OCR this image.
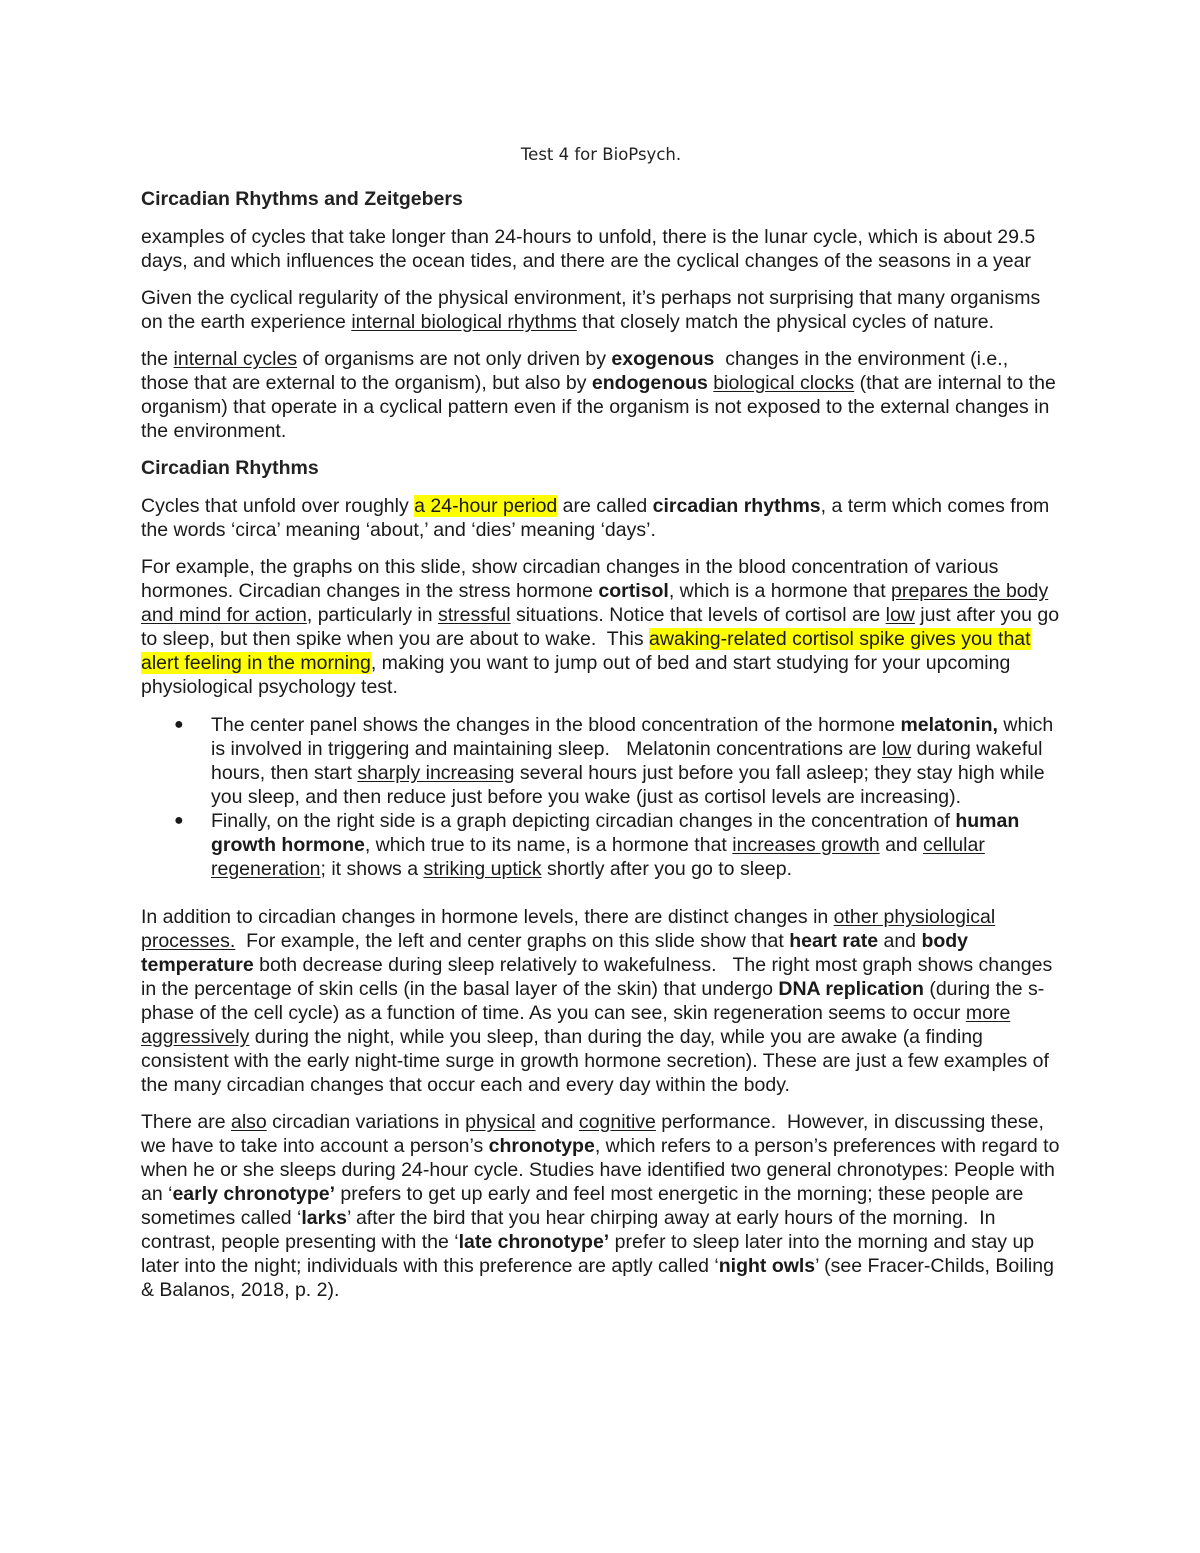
Test 4 for BioPsych.
Circadian Rhythms and Zeitgebers

examples of cycles that take longer than 24-hours to unfold, there is the lunar cycle, which is about 29.5 days, and which influences the ocean tides, and there are the cyclical changes of the seasons in a year

Given the cyclical regularity of the physical environment, it’s perhaps not surprising that many organisms on the earth experience internal biological rhythms that closely match the physical cycles of nature.

the internal cycles of organisms are not only driven by exogenous  changes in the environment (i.e., those that are external to the organism), but also by endogenous biological clocks (that are internal to the organism) that operate in a cyclical pattern even if the organism is not exposed to the external changes in the environment.

Circadian Rhythms

Cycles that unfold over roughly a 24-hour period are called circadian rhythms, a term which comes from the words ‘circa’ meaning ‘about,’ and ‘dies’ meaning ‘days’.

For example, the graphs on this slide, show circadian changes in the blood concentration of various hormones. Circadian changes in the stress hormone cortisol, which is a hormone that prepares the body and mind for action, particularly in stressful situations. Notice that levels of cortisol are low just after you go to sleep, but then spike when you are about to wake.  This awaking-related cortisol spike gives you that alert feeling in the morning, making you want to jump out of bed and start studying for your upcoming physiological psychology test.

● The center panel shows the changes in the blood concentration of the hormone melatonin, which is involved in triggering and maintaining sleep.   Melatonin concentrations are low during wakeful hours, then start sharply increasing several hours just before you fall asleep; they stay high while you sleep, and then reduce just before you wake (just as cortisol levels are increasing).
● Finally, on the right side is a graph depicting circadian changes in the concentration of human growth hormone, which true to its name, is a hormone that increases growth and cellular regeneration; it shows a striking uptick shortly after you go to sleep.

In addition to circadian changes in hormone levels, there are distinct changes in other physiological processes.  For example, the left and center graphs on this slide show that heart rate and body temperature both decrease during sleep relatively to wakefulness.   The right most graph shows changes in the percentage of skin cells (in the basal layer of the skin) that undergo DNA replication (during the s-phase of the cell cycle) as a function of time. As you can see, skin regeneration seems to occur more aggressively during the night, while you sleep, than during the day, while you are awake (a finding consistent with the early night-time surge in growth hormone secretion). These are just a few examples of the many circadian changes that occur each and every day within the body.

There are also circadian variations in physical and cognitive performance.  However, in discussing these, we have to take into account a person’s chronotype, which refers to a person’s preferences with regard to when he or she sleeps during 24-hour cycle. Studies have identified two general chronotypes: People with an ‘early chronotype’ prefers to get up early and feel most energetic in the morning; these people are sometimes called ‘larks’ after the bird that you hear chirping away at early hours of the morning.  In contrast, people presenting with the ‘late chronotype’ prefer to sleep later into the morning and stay up later into the night; individuals with this preference are aptly called ‘night owls’ (see Fracer-Childs, Boiling & Balanos, 2018, p. 2).
